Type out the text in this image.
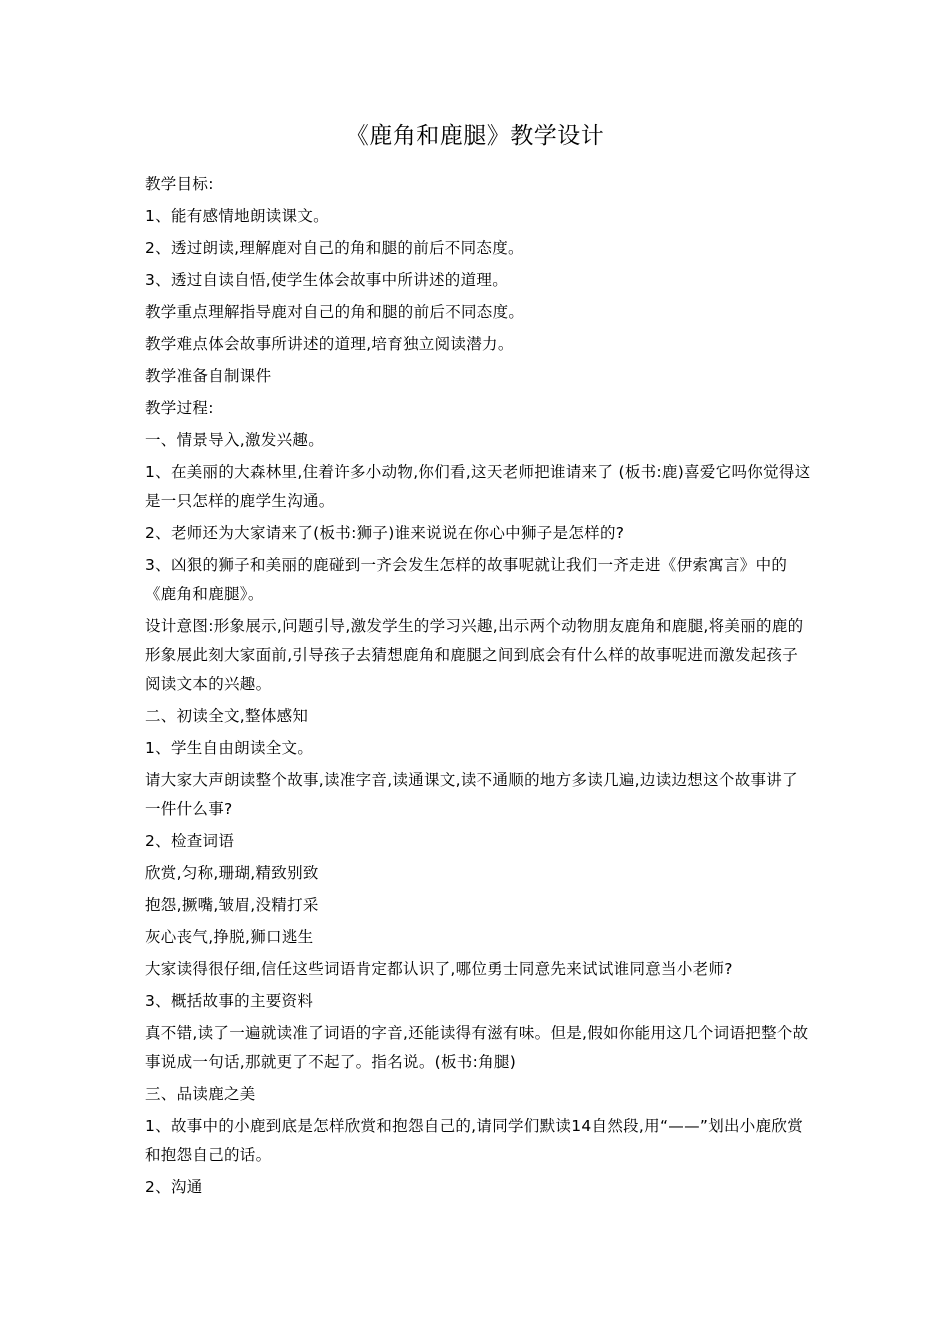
《鹿角和鹿腿》教学设计

教学目标:

1、能有感情地朗读课文。

2、透过朗读,理解鹿对自己的角和腿的前后不同态度。

3、透过自读自悟,使学生体会故事中所讲述的道理。

教学重点理解指导鹿对自己的角和腿的前后不同态度。

教学难点体会故事所讲述的道理,培育独立阅读潜力。

教学准备自制课件

教学过程:

一、情景导入,激发兴趣。

1、在美丽的大森林里,住着许多小动物,你们看,这天老师把谁请来了 (板书:鹿)喜爱它吗你觉得这是一只怎样的鹿学生沟通。

2、老师还为大家请来了(板书:狮子)谁来说说在你心中狮子是怎样的?

3、凶狠的狮子和美丽的鹿碰到一齐会发生怎样的故事呢就让我们一齐走进《伊索寓言》中的《鹿角和鹿腿》。

设计意图:形象展示,问题引导,激发学生的学习兴趣,出示两个动物朋友鹿角和鹿腿,将美丽的鹿的形象展此刻大家面前,引导孩子去猜想鹿角和鹿腿之间到底会有什么样的故事呢进而激发起孩子阅读文本的兴趣。

二、初读全文,整体感知

1、学生自由朗读全文。

请大家大声朗读整个故事,读准字音,读通课文,读不通顺的地方多读几遍,边读边想这个故事讲了一件什么事?

2、检查词语

欣赏,匀称,珊瑚,精致别致

抱怨,撅嘴,皱眉,没精打采

灰心丧气,挣脱,狮口逃生

大家读得很仔细,信任这些词语肯定都认识了,哪位勇士同意先来试试谁同意当小老师?

3、概括故事的主要资料

真不错,读了一遍就读准了词语的字音,还能读得有滋有味。但是,假如你能用这几个词语把整个故事说成一句话,那就更了不起了。指名说。(板书:角腿)

三、品读鹿之美

1、故事中的小鹿到底是怎样欣赏和抱怨自己的,请同学们默读14自然段,用“——”划出小鹿欣赏和抱怨自己的话。

2、沟通
